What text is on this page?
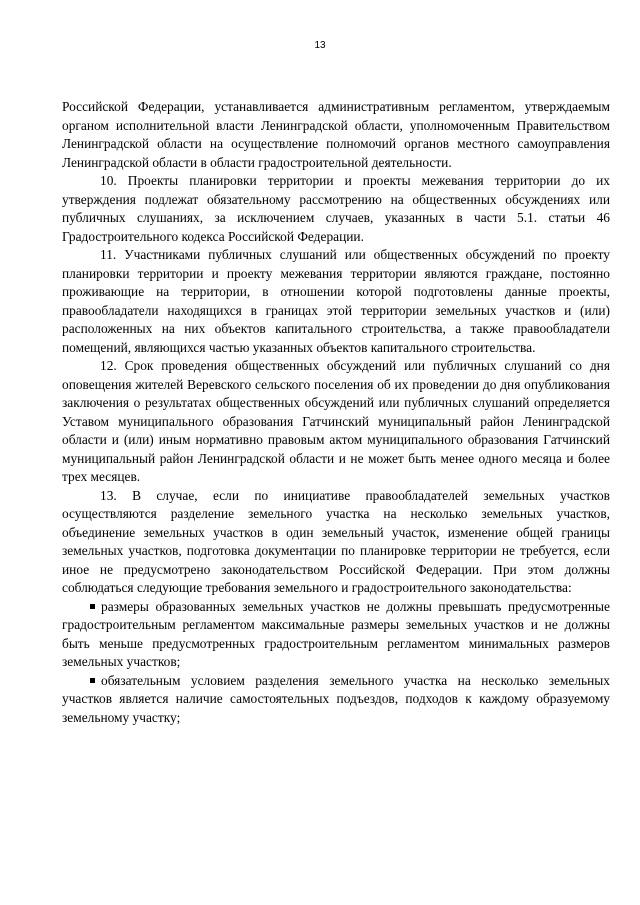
13

Российской Федерации, устанавливается административным регламентом, утверждаемым органом исполнительной власти Ленинградской области, уполномоченным Правительством Ленинградской области на осуществление полномочий органов местного самоуправления Ленинградской области в области градостроительной деятельности.

10. Проекты планировки территории и проекты межевания территории до их утверждения подлежат обязательному рассмотрению на общественных обсуждениях или публичных слушаниях, за исключением случаев, указанных в части 5.1. статьи 46 Градостроительного кодекса Российской Федерации.

11. Участниками публичных слушаний или общественных обсуждений по проекту планировки территории и проекту межевания территории являются граждане, постоянно проживающие на территории, в отношении которой подготовлены данные проекты, правообладатели находящихся в границах этой территории земельных участков и (или) расположенных на них объектов капитального строительства, а также правообладатели помещений, являющихся частью указанных объектов капитального строительства.

12. Срок проведения общественных обсуждений или публичных слушаний со дня оповещения жителей Веревского сельского поселения об их проведении до дня опубликования заключения о результатах общественных обсуждений или публичных слушаний определяется Уставом муниципального образования Гатчинский муниципальный район Ленинградской области и (или) иным нормативно правовым актом муниципального образования Гатчинский муниципальный район Ленинградской области и не может быть менее одного месяца и более трех месяцев.

13. В случае, если по инициативе правообладателей земельных участков осуществляются разделение земельного участка на несколько земельных участков, объединение земельных участков в один земельный участок, изменение общей границы земельных участков, подготовка документации по планировке территории не требуется, если иное не предусмотрено законодательством Российской Федерации. При этом должны соблюдаться следующие требования земельного и градостроительного законодательства:

размеры образованных земельных участков не должны превышать предусмотренные градостроительным регламентом максимальные размеры земельных участков и не должны быть меньше предусмотренных градостроительным регламентом минимальных размеров земельных участков;

обязательным условием разделения земельного участка на несколько земельных участков является наличие самостоятельных подъездов, подходов к каждому образуемому земельному участку;
